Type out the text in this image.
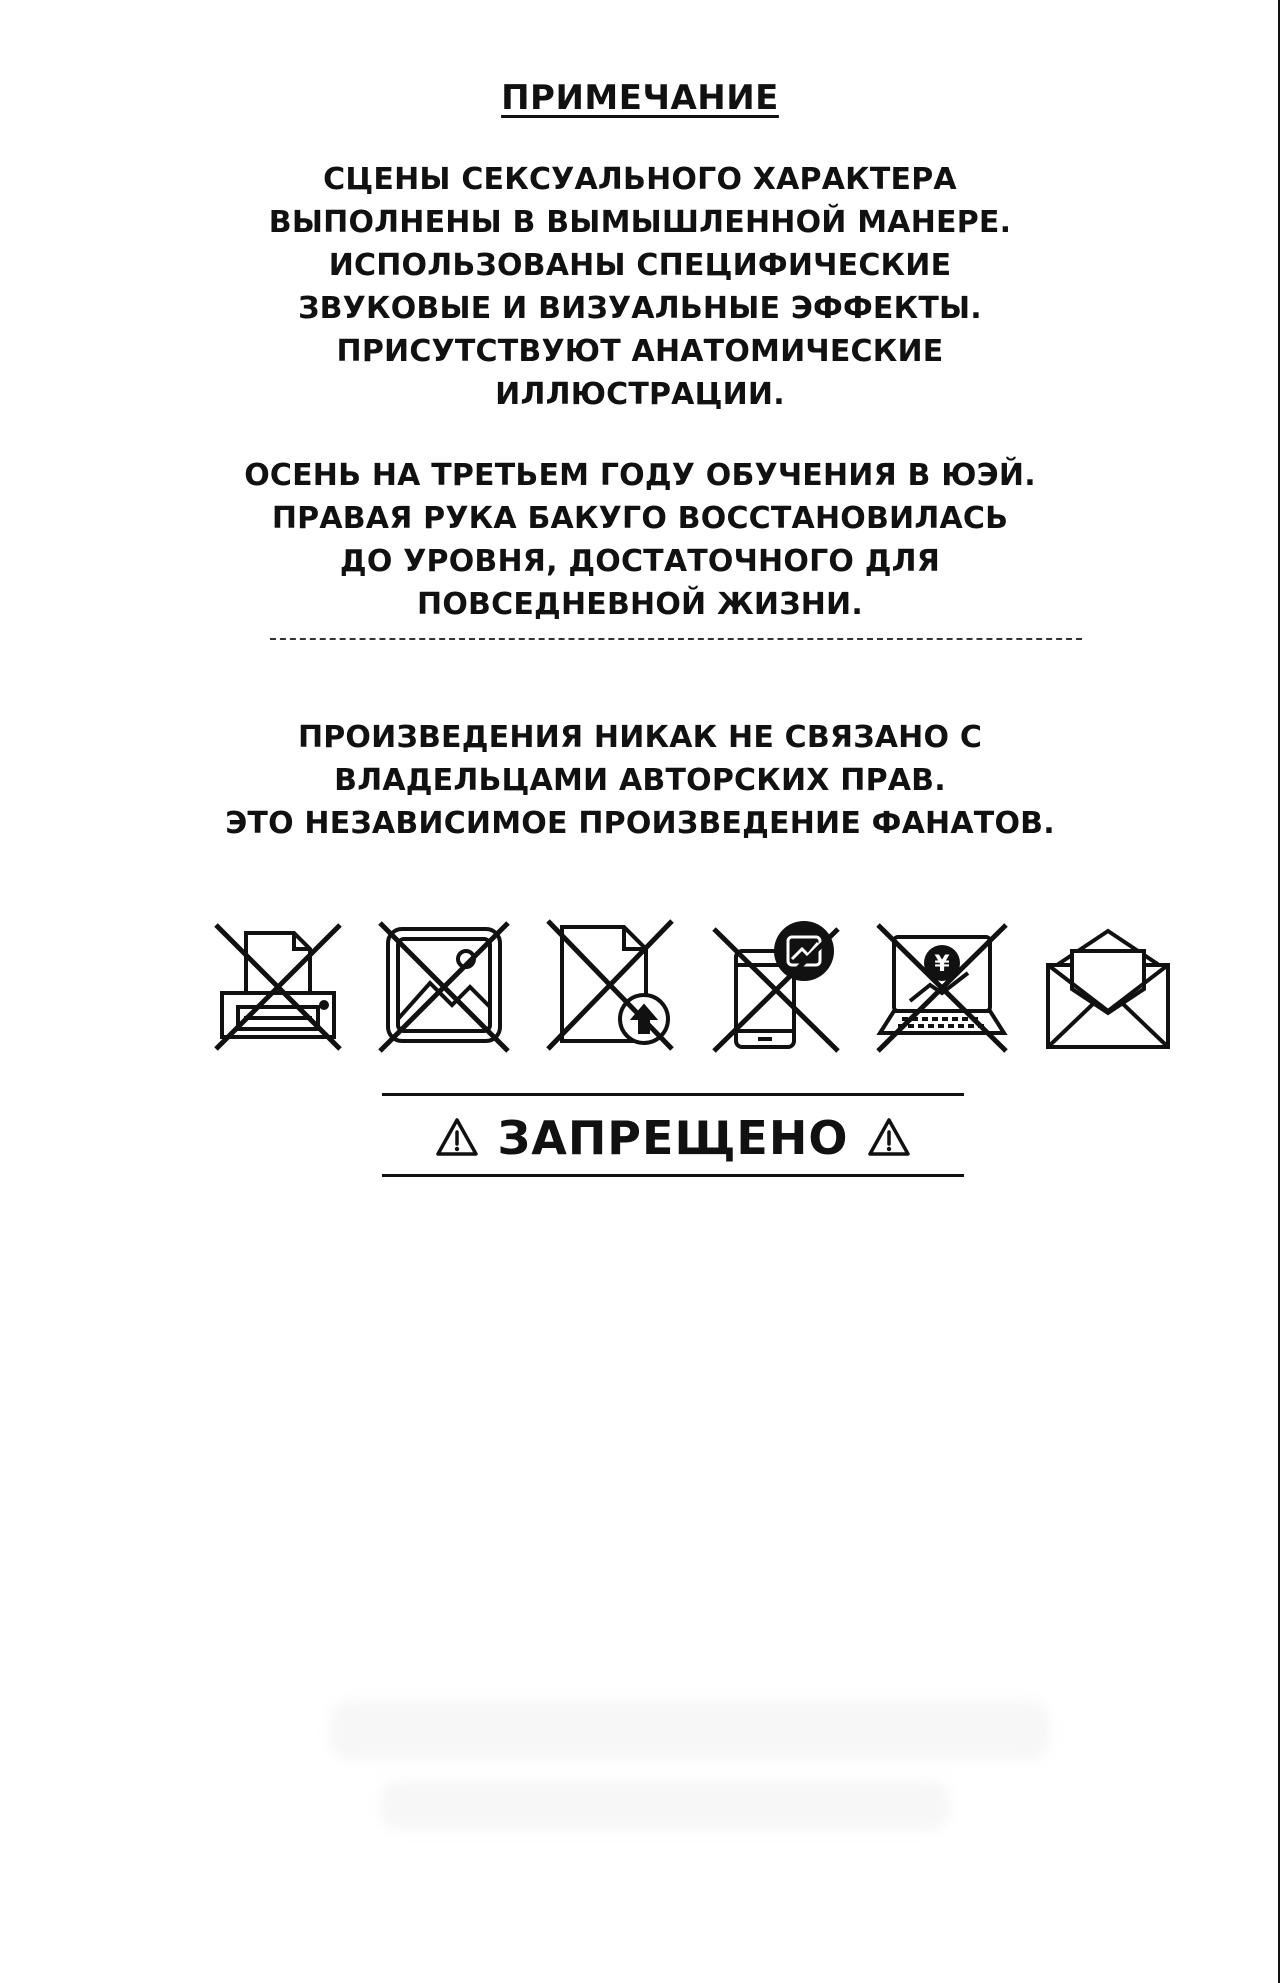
ПРИМЕЧАНИЕ
СЦЕНЫ СЕКСУАЛЬНОГО ХАРАКТЕРА
ВЫПОЛНЕНЫ В ВЫМЫШЛЕННОЙ МАНЕРЕ.
ИСПОЛЬЗОВАНЫ СПЕЦИФИЧЕСКИЕ
ЗВУКОВЫЕ И ВИЗУАЛЬНЫЕ ЭФФЕКТЫ.
ПРИСУТСТВУЮТ АНАТОМИЧЕСКИЕ
ИЛЛЮСТРАЦИИ.
ОСЕНЬ НА ТРЕТЬЕМ ГОДУ ОБУЧЕНИЯ В ЮЭЙ.
ПРАВАЯ РУКА БАКУГО ВОССТАНОВИЛАСЬ
ДО УРОВНЯ, ДОСТАТОЧНОГО ДЛЯ
ПОВСЕДНЕВНОЙ ЖИЗНИ.
ПРОИЗВЕДЕНИЯ НИКАК НЕ СВЯЗАНО С
ВЛАДЕЛЬЦАМИ АВТОРСКИХ ПРАВ.
ЭТО НЕЗАВИСИМОЕ ПРОИЗВЕДЕНИЕ ФАНАТОВ.
¥
ЗАПРЕЩЕНО
